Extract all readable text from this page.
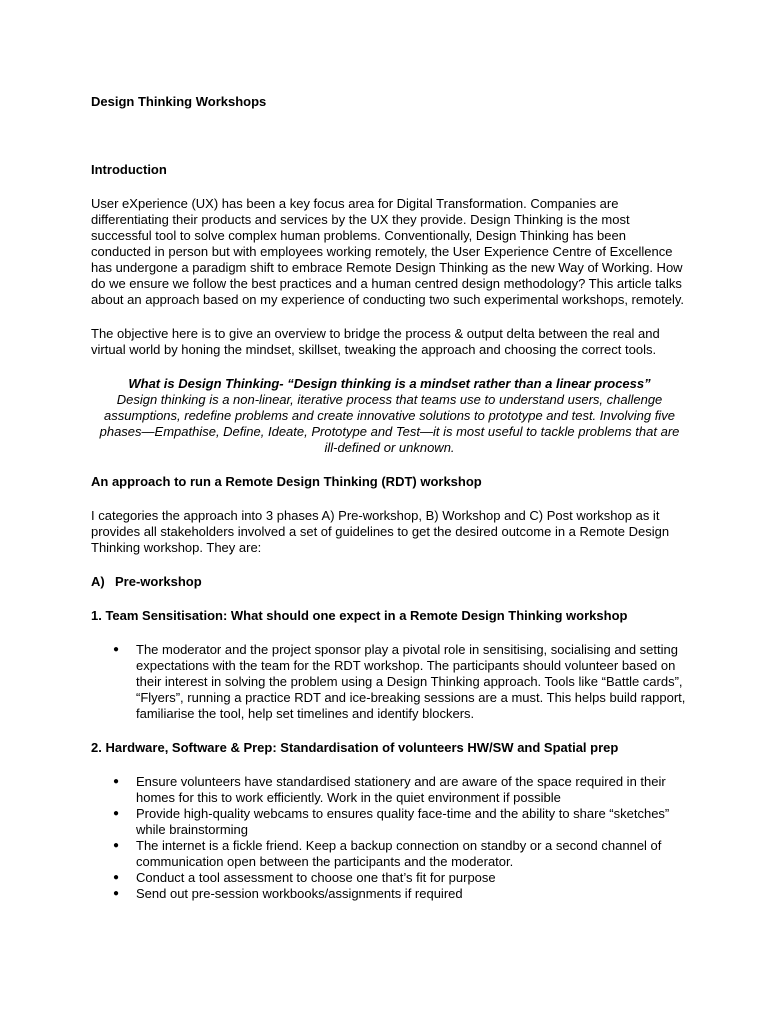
Design Thinking Workshops

Introduction

User eXperience (UX) has been a key focus area for Digital Transformation. Companies are differentiating their products and services by the UX they provide. Design Thinking is the most successful tool to solve complex human problems. Conventionally, Design Thinking has been conducted in person but with employees working remotely, the User Experience Centre of Excellence has undergone a paradigm shift to embrace Remote Design Thinking as the new Way of Working. How do we ensure we follow the best practices and a human centred design methodology? This article talks about an approach based on my experience of conducting two such experimental workshops, remotely.

The objective here is to give an overview to bridge the process & output delta between the real and virtual world by honing the mindset, skillset, tweaking the approach and choosing the correct tools.

What is Design Thinking- “Design thinking is a mindset rather than a linear process”

Design thinking is a non-linear, iterative process that teams use to understand users, challenge assumptions, redefine problems and create innovative solutions to prototype and test. Involving five phases—Empathise, Define, Ideate, Prototype and Test—it is most useful to tackle problems that are ill-defined or unknown.

An approach to run a Remote Design Thinking (RDT) workshop

I categories the approach into 3 phases A) Pre-workshop, B) Workshop and C) Post workshop as it provides all stakeholders involved a set of guidelines to get the desired outcome in a Remote Design Thinking workshop. They are:

A) Pre-workshop

1. Team Sensitisation: What should one expect in a Remote Design Thinking workshop

● The moderator and the project sponsor play a pivotal role in sensitising, socialising and setting expectations with the team for the RDT workshop. The participants should volunteer based on their interest in solving the problem using a Design Thinking approach. Tools like “Battle cards”, “Flyers”, running a practice RDT and ice-breaking sessions are a must. This helps build rapport, familiarise the tool, help set timelines and identify blockers.

2. Hardware, Software & Prep: Standardisation of volunteers HW/SW and Spatial prep

● Ensure volunteers have standardised stationery and are aware of the space required in their homes for this to work efficiently. Work in the quiet environment if possible
● Provide high-quality webcams to ensures quality face-time and the ability to share “sketches” while brainstorming
● The internet is a fickle friend. Keep a backup connection on standby or a second channel of communication open between the participants and the moderator.
● Conduct a tool assessment to choose one that’s fit for purpose
● Send out pre-session workbooks/assignments if required
